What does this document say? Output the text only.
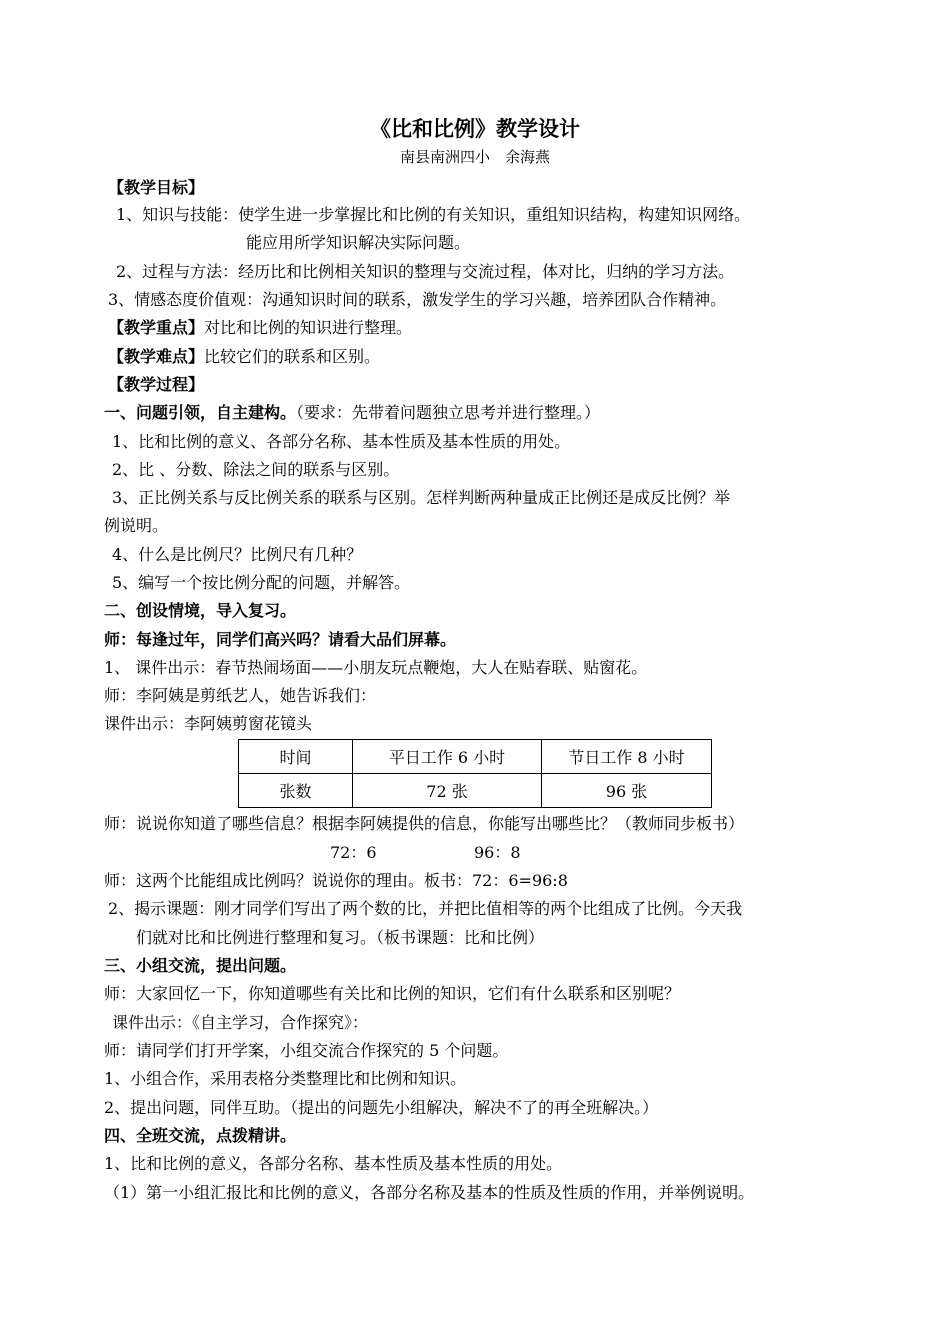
《比和比例》教学设计
南县南洲四小　余海燕
【教学目标】
1、知识与技能：使学生进一步掌握比和比例的有关知识，重组知识结构，构建知识网络。
能应用所学知识解决实际问题。
2、过程与方法：经历比和比例相关知识的整理与交流过程，体对比，归纳的学习方法。
3、情感态度价值观：沟通知识时间的联系，激发学生的学习兴趣，培养团队合作精神。
【教学重点】对比和比例的知识进行整理。
【教学难点】比较它们的联系和区别。
【教学过程】
一、问题引领，自主建构。（要求：先带着问题独立思考并进行整理。）
1、比和比例的意义、各部分名称、基本性质及基本性质的用处。
2、比 、分数、除法之间的联系与区别。
3、正比例关系与反比例关系的联系与区别。怎样判断两种量成正比例还是成反比例？举
例说明。
4、什么是比例尺？比例尺有几种？
5、编写一个按比例分配的问题，并解答。
二、创设情境，导入复习。
师：每逢过年，同学们高兴吗？请看大品们屏幕。
1、 课件出示：春节热闹场面——小朋友玩点鞭炮，大人在贴春联、贴窗花。
师：李阿姨是剪纸艺人，她告诉我们：
课件出示：李阿姨剪窗花镜头
时间	平日工作 6 小时	节日工作 8 小时
张数	72 张	96 张
师：说说你知道了哪些信息？根据李阿姨提供的信息，你能写出哪些比？（教师同步板书）
72：6	96：8
师：这两个比能组成比例吗？说说你的理由。板书：72：6=96:8
2、揭示课题：刚才同学们写出了两个数的比，并把比值相等的两个比组成了比例。今天我
们就对比和比例进行整理和复习。（板书课题：比和比例）
三、小组交流，提出问题。
师：大家回忆一下，你知道哪些有关比和比例的知识，它们有什么联系和区别呢？
课件出示：《自主学习，合作探究》：
师：请同学们打开学案，小组交流合作探究的 5 个问题。
1、小组合作，采用表格分类整理比和比例和知识。
2、提出问题，同伴互助。（提出的问题先小组解决，解决不了的再全班解决。）
四、全班交流，点拨精讲。
1、比和比例的意义，各部分名称、基本性质及基本性质的用处。
（1）第一小组汇报比和比例的意义，各部分名称及基本的性质及性质的作用，并举例说明。
